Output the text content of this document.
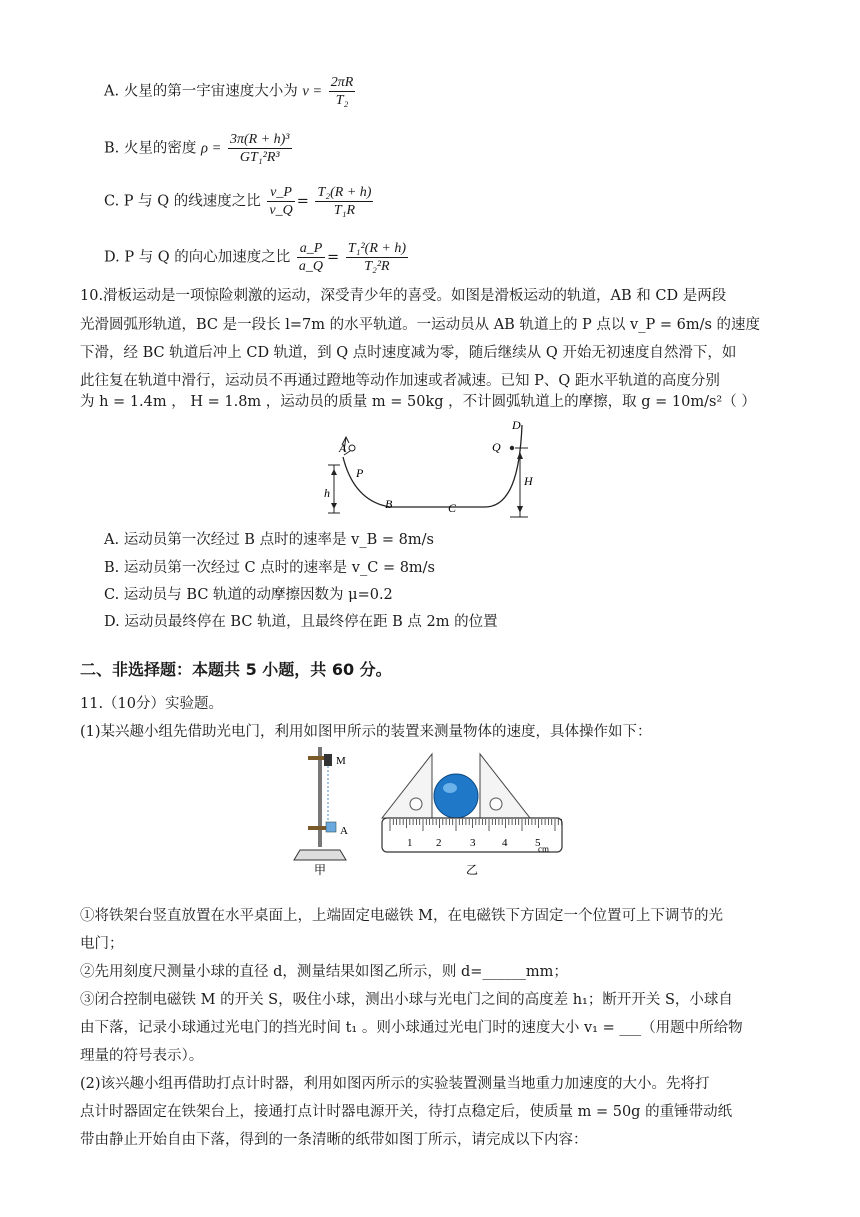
A. 火星的第一宇宙速度大小为 $v = \frac{2\pi R}{\text{T₂}}$
B. 火星的密度 $\rho = \frac{\text{3π(R + h)³}}{\text{GT₁²R³}}$
C. P 与 Q 的线速度之比 $\frac{v\_P}{v\_Q} = \frac{\text{T₂(R + h)}}{\text{T₁R}}$
D. P 与 Q 的向心加速度之比 $\frac{a\_P}{a\_Q} = \frac{\text{T₁²(R + h)}}{\text{T₂²R}}$
10.滑板运动是一项惊险刺激的运动，深受青少年的喜受。如图是滑板运动的轨道，AB 和 CD 是两段
光滑圆弧形轨道，BC 是一段长 l=7m 的水平轨道。一运动员从 AB 轨道上的 P 点以 v_P = 6m/s 的速度
下滑，经 BC 轨道后冲上 CD 轨道，到 Q 点时速度减为零，随后继续从 Q 开始无初速度自然滑下，如
此往复在轨道中滑行，运动员不再通过蹬地等动作加速或者减速。已知 P、Q 距水平轨道的高度分别
为 h = 1.4m ， H = 1.8m ，运动员的质量 m = 50kg ，不计圆弧轨道上的摩擦，取 g = 10m/s²（ ）
A
P
h
B	C
Q
D
H
A. 运动员第一次经过 B 点时的速率是 v_B = 8m/s
B. 运动员第一次经过 C 点时的速率是 v_C = 8m/s
C. 运动员与 BC 轨道的动摩擦因数为 μ=0.2
D. 运动员最终停在 BC 轨道，且最终停在距 B 点 2m 的位置
二、非选择题：本题共 5 小题，共 60 分。
11.（10分）实验题。
(1)某兴趣小组先借助光电门，利用如图甲所示的装置来测量物体的速度，具体操作如下：
M
A
甲
1 2	3 4	5
cm
乙
①将铁架台竖直放置在水平桌面上，上端固定电磁铁 M，在电磁铁下方固定一个位置可上下调节的光
电门；
②先用刻度尺测量小球的直径 d，测量结果如图乙所示，则 d=______mm；
③闭合控制电磁铁 M 的开关 S，吸住小球，测出小球与光电门之间的高度差 h₁；断开开关 S，小球自
由下落，记录小球通过光电门的挡光时间 t₁ 。则小球通过光电门时的速度大小 v₁ = ___（用题中所给物
理量的符号表示）。
(2)该兴趣小组再借助打点计时器，利用如图丙所示的实验装置测量当地重力加速度的大小。先将打
点计时器固定在铁架台上，接通打点计时器电源开关，待打点稳定后，使质量 m = 50g 的重锤带动纸
带由静止开始自由下落，得到的一条清晰的纸带如图丁所示，请完成以下内容：
